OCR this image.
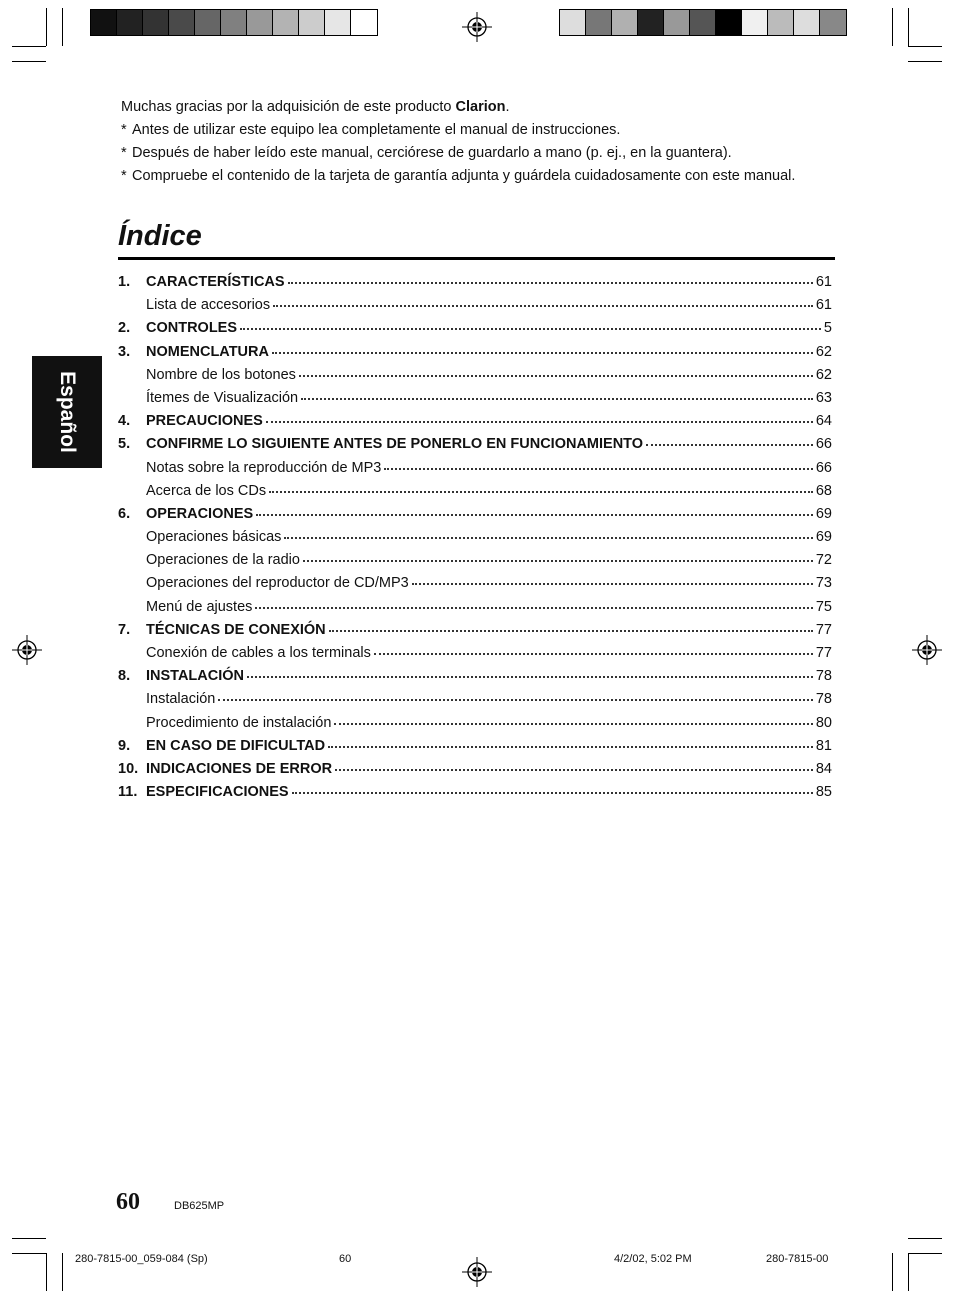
Muchas gracias por la adquisición de este producto Clarion.

* Antes de utilizar este equipo lea completamente el manual de instrucciones.
* Después de haber leído este manual, cerciórese de guardarlo a mano (p. ej., en la guantera).
* Compruebe el contenido de la tarjeta de garantía adjunta y guárdela cuidadosamente con este manual.
Índice
1.	CARACTERÍSTICAS	61
Lista de accesorios	61
2.	CONTROLES	5
3.	NOMENCLATURA	62
Nombre de los botones	62
Ítemes de Visualización	63
4.	PRECAUCIONES	64
5.	CONFIRME LO SIGUIENTE ANTES DE PONERLO EN FUNCIONAMIENTO	66
Notas sobre la reproducción de MP3	66
Acerca de los CDs	68
6.	OPERACIONES	69
Operaciones básicas	69
Operaciones de la radio	72
Operaciones del reproductor de CD/MP3	73
Menú de ajustes	75
7.	TÉCNICAS DE CONEXIÓN	77
Conexión de cables a los terminals	77
8.	INSTALACIÓN	78
Instalación	78
Procedimiento de instalación	80
9.	EN CASO DE DIFICULTAD	81
10. INDICACIONES DE ERROR	84
11. ESPECIFICACIONES	85
Español
60	DB625MP
280-7815-00_059-084 (Sp)	60	4/2/02, 5:02 PM	280-7815-00
